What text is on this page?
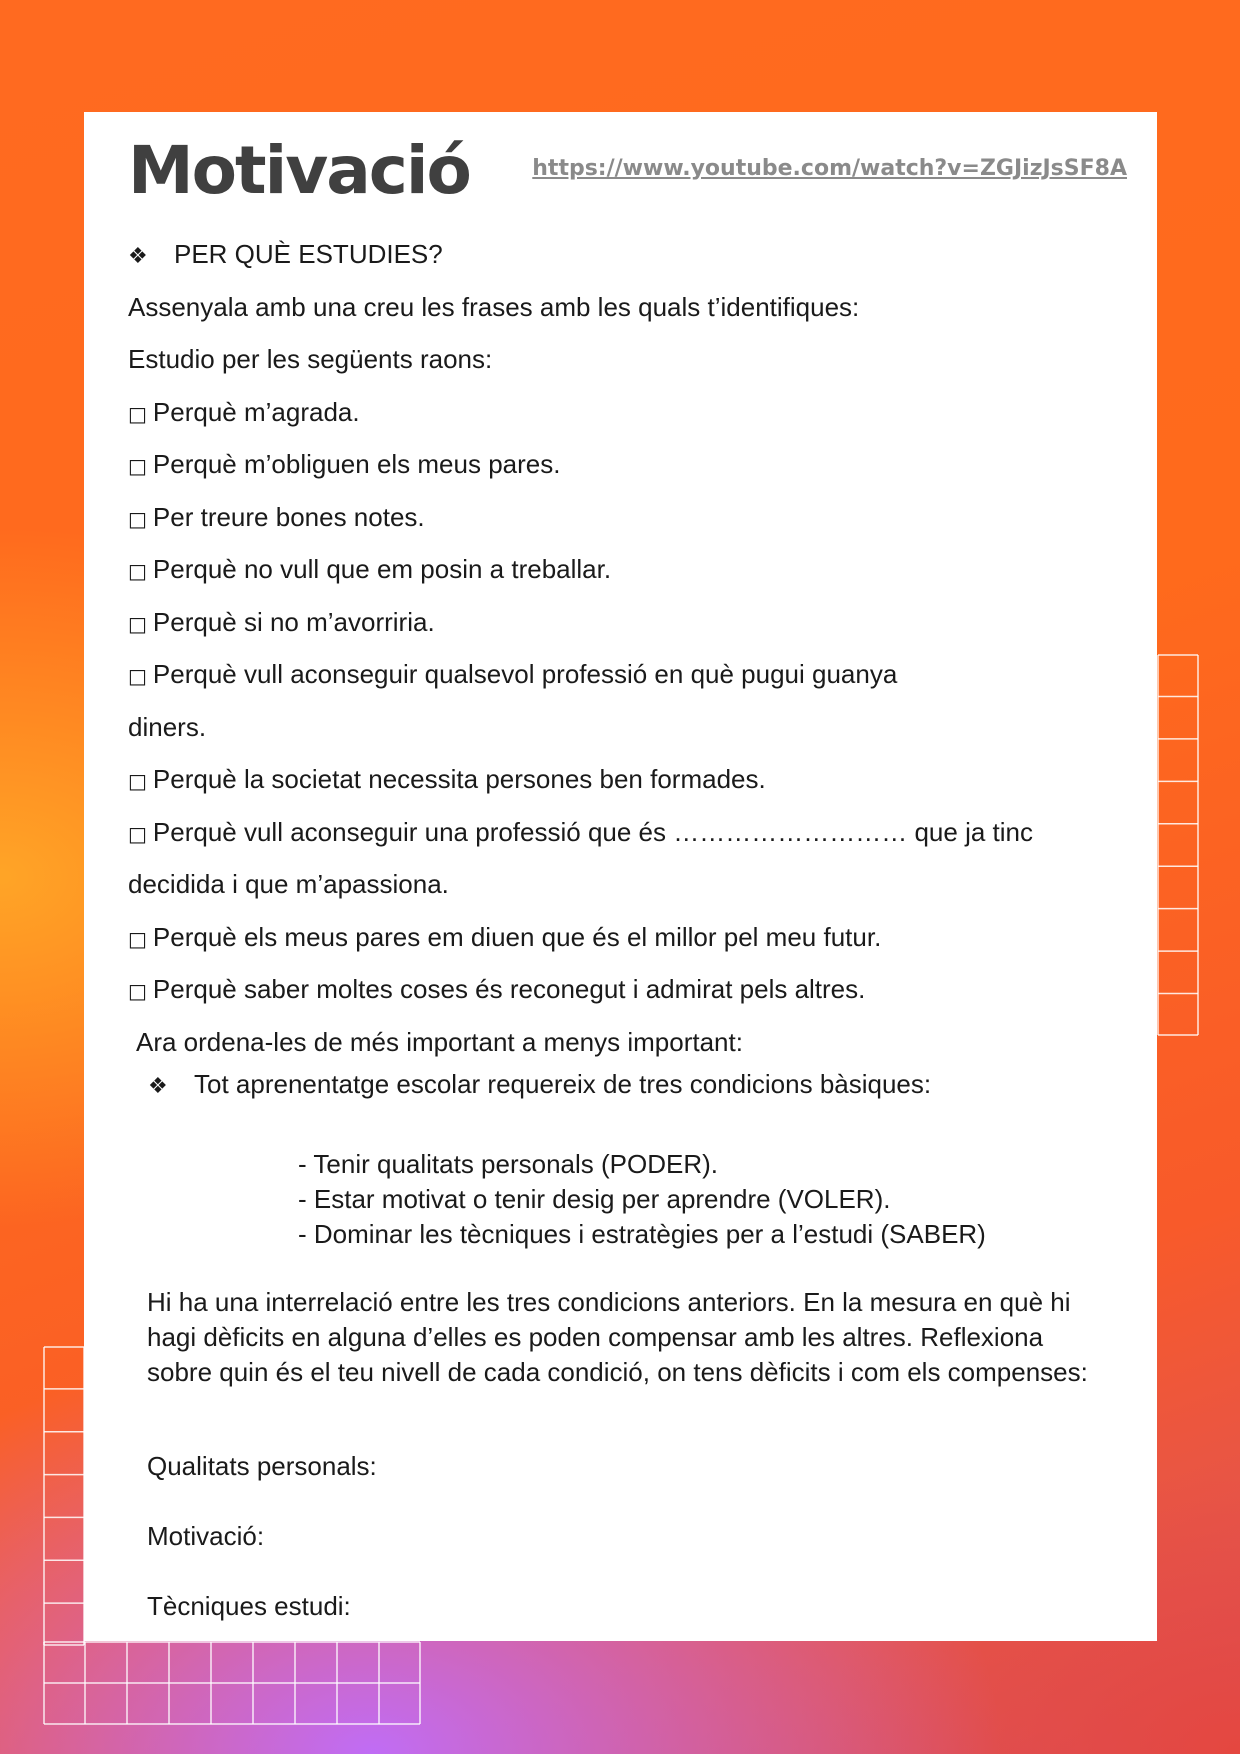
Motivació	https://www.youtube.com/watch?v=ZGJizJsSF8A
❖ PER QUÈ ESTUDIES?
Assenyala amb una creu les frases amb les quals t’identifiques:
Estudio per les següents raons:
□ Perquè m’agrada.
□ Perquè m’obliguen els meus pares.
□ Per treure bones notes.
□ Perquè no vull que em posin a treballar.
□ Perquè si no m’avorriria.
□ Perquè vull aconseguir qualsevol professió en què pugui guanya
diners.
□ Perquè la societat necessita persones ben formades.
□ Perquè vull aconseguir una professió que és ……………………… que ja tinc
decidida i que m’apassiona.
□ Perquè els meus pares em diuen que és el millor pel meu futur.
□ Perquè saber moltes coses és reconegut i admirat pels altres.
Ara ordena-les de més important a menys important:
❖ Tot aprenentatge escolar requereix de tres condicions bàsiques:
- Tenir qualitats personals (PODER).
- Estar motivat o tenir desig per aprendre (VOLER).
- Dominar les tècniques i estratègies per a l’estudi (SABER)
Hi ha una interrelació entre les tres condicions anteriors. En la mesura en què hi hagi dèficits en alguna d’elles es poden compensar amb les altres. Reflexiona sobre quin és el teu nivell de cada condició, on tens dèficits i com els compenses:
Qualitats personals:
Motivació:
Tècniques estudi:
